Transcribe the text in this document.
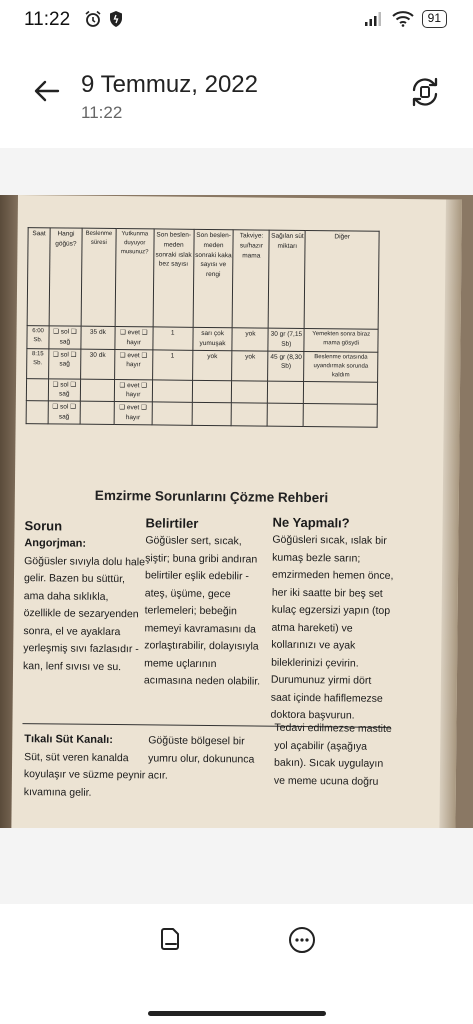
11:22	91
9 Temmuz, 2022
11:22
Saat	Hangi göğüs?	Beslenme süresi	Yutkunma duyuyor musunuz?	Son beslen-meden sonraki ıslak bez sayısı	Son beslen-meden sonraki kaka sayısı ve rengi	Takviye: su/hazır mama	Sağılan süt miktarı	Diğer
6:00 Sb.	❑ sol ❑ sağ	35 dk	❑ evet ❑ hayır	1	sarı çok yumuşak	yok	30 gr (7,15 Sb)	Yemekten sonra biraz mama gösydi
8:15 Sb.	❑ sol ❑ sağ	30 dk	❑ evet ❑ hayır	1	yok	yok	45 gr (8,30 Sb)	Beslenme ortasında uyandırmak sorunda kaldım
	❑ sol ❑ sağ		❑ evet ❑ hayır					
	❑ sol ❑ sağ		❑ evet ❑ hayır					
Emzirme Sorunlarını Çözme Rehberi
Sorun
Angorjman:
Göğüsler sıvıyla dolu hale gelir. Bazen bu süttür, ama daha sıklıkla, özellikle de sezaryenden sonra, el ve ayaklara yerleşmiş sıvı fazlasıdır -kan, lenf sıvısı ve su.
Belirtiler
Göğüsler sert, sıcak, şiştir; buna gribi andıran belirtiler eşlik edebilir -ateş, üşüme, gece terlemeleri; bebeğin memeyi kavramasını da zorlaştırabilir, dolayısıyla meme uçlarının acımasına neden olabilir.
Ne Yapmalı?
Göğüsleri sıcak, ıslak bir kumaş bezle sarın; emzirmeden hemen önce, her iki saatte bir beş set kulaç egzersizi yapın (top atma hareketi) ve kollarınızı ve ayak bileklerinizi çevirin. Durumunuz yirmi dört saat içinde hafiflemezse doktora başvurun.
Tıkalı Süt Kanalı:
Süt, süt veren kanalda koyulaşır ve süzme peynir kıvamına gelir.
Göğüste bölgesel bir yumru olur, dokununca acır.
Tedavi edilmezse mastite yol açabilir (aşağıya bakın). Sıcak uygulayın ve meme ucuna doğru
